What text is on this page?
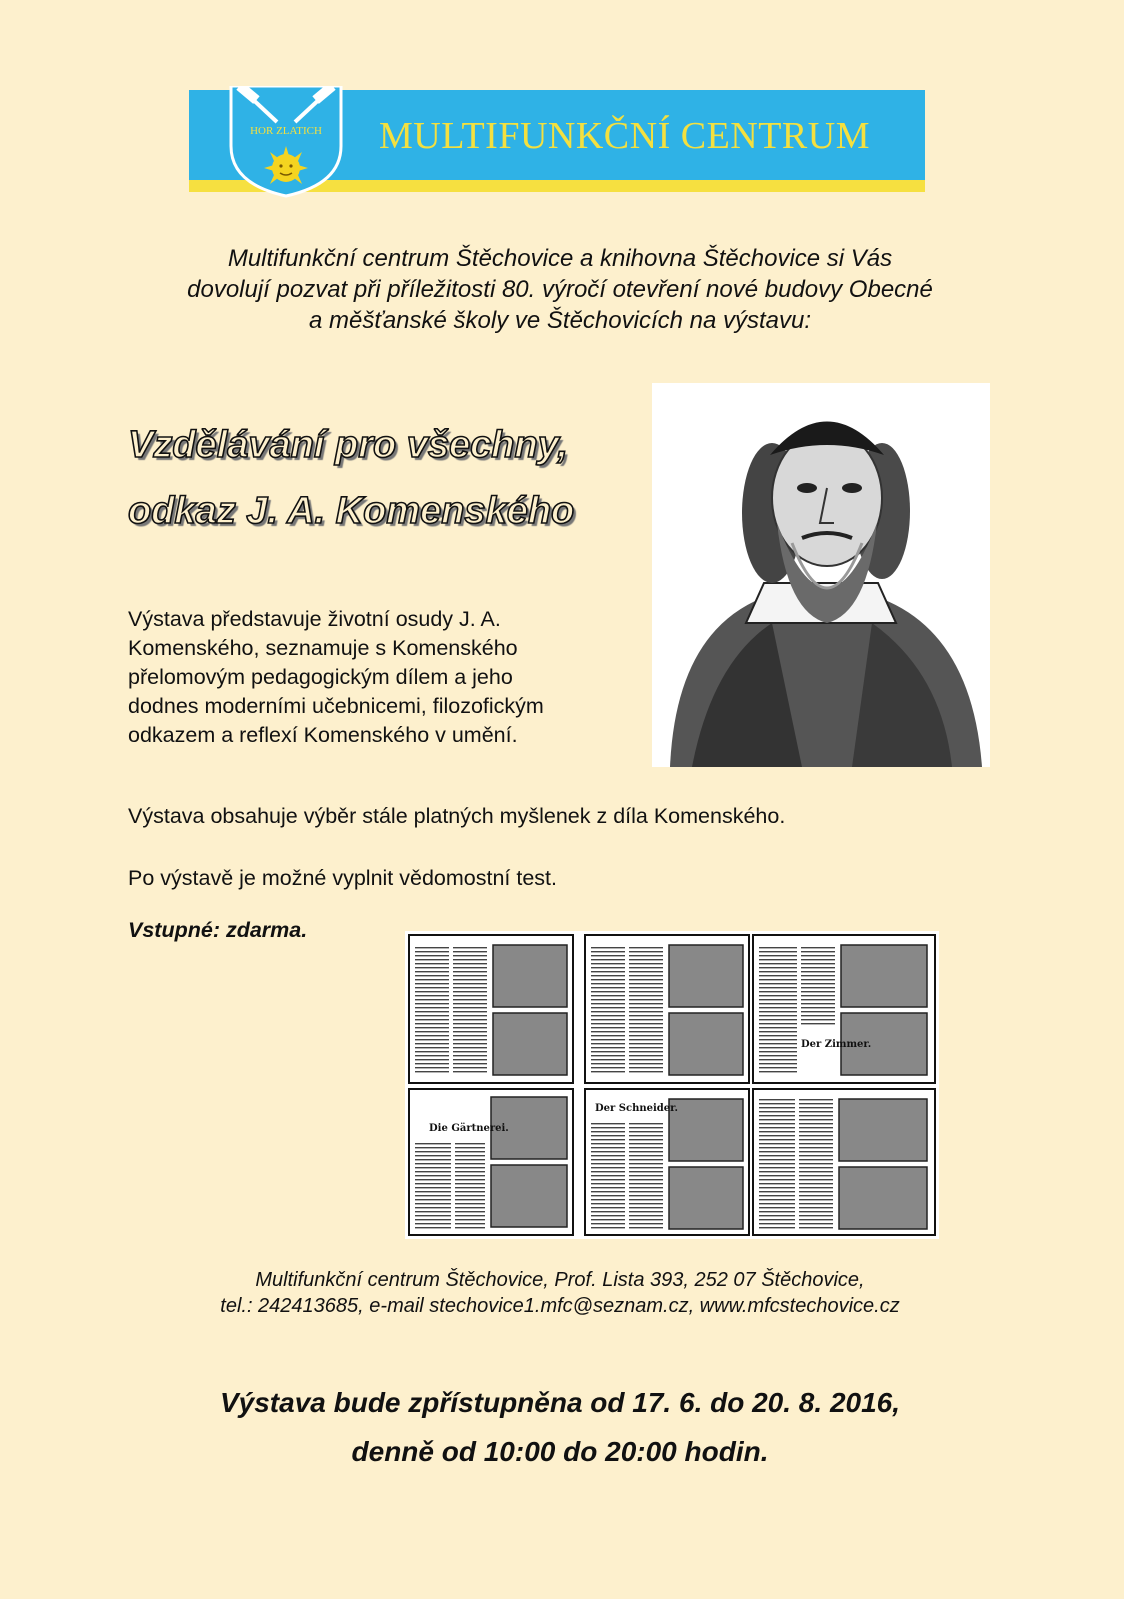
HOR ZLATICH MULTIFUNKČNÍ CENTRUM
Multifunkční centrum Štěchovice a knihovna Štěchovice si Vás
dovolují pozvat při příležitosti 80. výročí otevření nové budovy Obecné
a měšťanské školy ve Štěchovicích na výstavu:
Vzdělávání pro všechny,
odkaz J. A. Komenského
Výstava představuje životní osudy J. A.
Komenského, seznamuje s Komenského
přelomovým pedagogickým dílem a jeho
dodnes moderními učebnicemi, filozofickým
odkazem a reflexí Komenského v umění.
Výstava obsahuje výběr stále platných myšlenek z díla Komenského.
Po výstavě je možné vyplnit vědomostní test.
Vstupné: zdarma.
Die Gärtnerei.
Der Schneider.
Der Zimmer.
Multifunkční centrum Štěchovice, Prof. Lista 393, 252 07 Štěchovice,
tel.: 242413685, e-mail stechovice1.mfc@seznam.cz, www.mfcstechovice.cz
Výstava bude zpřístupněna od 17. 6. do 20. 8. 2016,
denně od 10:00 do 20:00 hodin.
